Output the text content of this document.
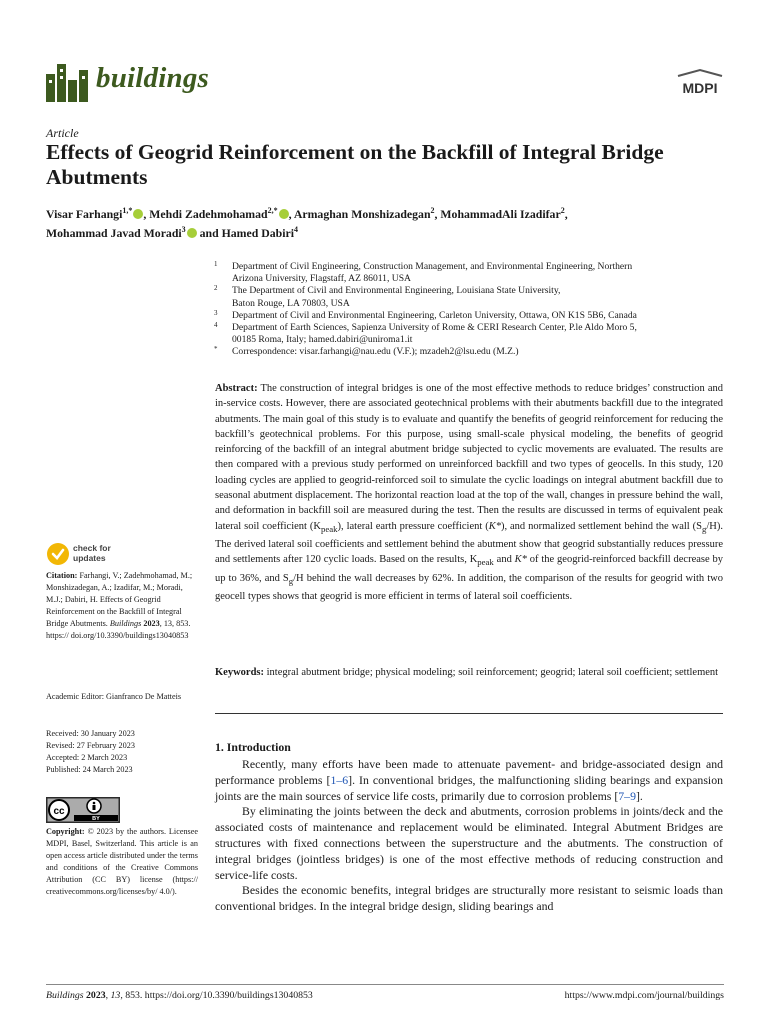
buildings	MDPI
Article
Effects of Geogrid Reinforcement on the Backfill of Integral Bridge Abutments
Visar Farhangi$^{1,*}$ , Mehdi Zadehmohamad$^{2,*}$ , Armaghan Monshizadegan$^2$, MohammadAli Izadifar$^2$,
Mohammad Javad Moradi$^3$ and Hamed Dabiri$^4$
1 Department of Civil Engineering, Construction Management, and Environmental Engineering, Northern
Arizona University, Flagstaff, AZ 86011, USA
2 The Department of Civil and Environmental Engineering, Louisiana State University,
Baton Rouge, LA 70803, USA
3 Department of Civil and Environmental Engineering, Carleton University, Ottawa, ON K1S 5B6, Canada
4 Department of Earth Sciences, Sapienza University of Rome & CERI Research Center, P.le Aldo Moro 5,
00185 Roma, Italy; hamed.dabiri@uniroma1.it
* Correspondence: visar.farhangi@nau.edu (V.F.); mzadeh2@lsu.edu (M.Z.)
check for
updates
Citation: Farhangi, V.; Zadehmohamad, M.; Monshizadegan, A.; Izadifar, M.; Moradi, M.J.; Dabiri, H. Effects of Geogrid Reinforcement on the Backfill of Integral Bridge Abutments. Buildings 2023, 13, 853. https:// doi.org/10.3390/buildings13040853
Academic Editor: Gianfranco De Matteis
Received: 30 January 2023
Revised: 27 February 2023
Accepted: 2 March 2023
Published: 24 March 2023
cc
BY
Copyright: © 2023 by the authors. Licensee MDPI, Basel, Switzerland. This article is an open access article distributed under the terms and conditions of the Creative Commons Attribution (CC BY) license (https:// creativecommons.org/licenses/by/ 4.0/).
Abstract: The construction of integral bridges is one of the most effective methods to reduce bridges’ construction and in-service costs. However, there are associated geotechnical problems with their abutments backfill due to the integrated abutments. The main goal of this study is to evaluate and quantify the benefits of geogrid reinforcement for reducing the backfill’s geotechnical problems. For this purpose, using small-scale physical modeling, the benefits of geogrid reinforcing of the backfill of an integral abutment bridge subjected to cyclic movements are evaluated. The results are then compared with a previous study performed on unreinforced backfill and two types of geocells. In this study, 120 loading cycles are applied to geogrid-reinforced soil to simulate the cyclic loadings on integral abutment backfill due to seasonal abutment displacement. The horizontal reaction load at the top of the wall, changes in pressure behind the wall, and deformation in backfill soil are measured during the test. Then the results are discussed in terms of equivalent peak lateral soil coefficient $(K_{peak})$, lateral earth pressure coefficient (K*), and normalized settlement behind the wall $(S_g/H)$. The derived lateral soil coefficients and settlement behind the abutment show that geogrid substantially reduces pressure and settlements after 120 cyclic loads. Based on the results, $K_{peak}$ and K* of the geogrid-reinforced backfill decrease by up to 36%, and $S_g/H$ behind the wall decreases by 62%. In addition, the comparison of the results for geogrid with two geocell types shows that geogrid is more efficient in terms of lateral soil coefficients.
Keywords: integral abutment bridge; physical modeling; soil reinforcement; geogrid; lateral soil coefficient; settlement
1. Introduction

Recently, many efforts have been made to attenuate pavement- and bridge-associated design and performance problems [1–6]. In conventional bridges, the malfunctioning sliding bearings and expansion joints are the main sources of service life costs, primarily due to corrosion problems [7–9].

By eliminating the joints between the deck and abutments, corrosion problems in joints/deck and the associated costs of maintenance and replacement would be eliminated. Integral Abutment Bridges are structures with fixed connections between the superstructure and the abutments. The construction of integral bridges (jointless bridges) is one of the most effective methods of reducing construction and service-life costs.

Besides the economic benefits, integral bridges are structurally more resistant to seismic loads than conventional bridges. In the integral bridge design, sliding bearings and

Buildings 2023, 13, 853. https://doi.org/10.3390/buildings13040853	https://www.mdpi.com/journal/buildings
